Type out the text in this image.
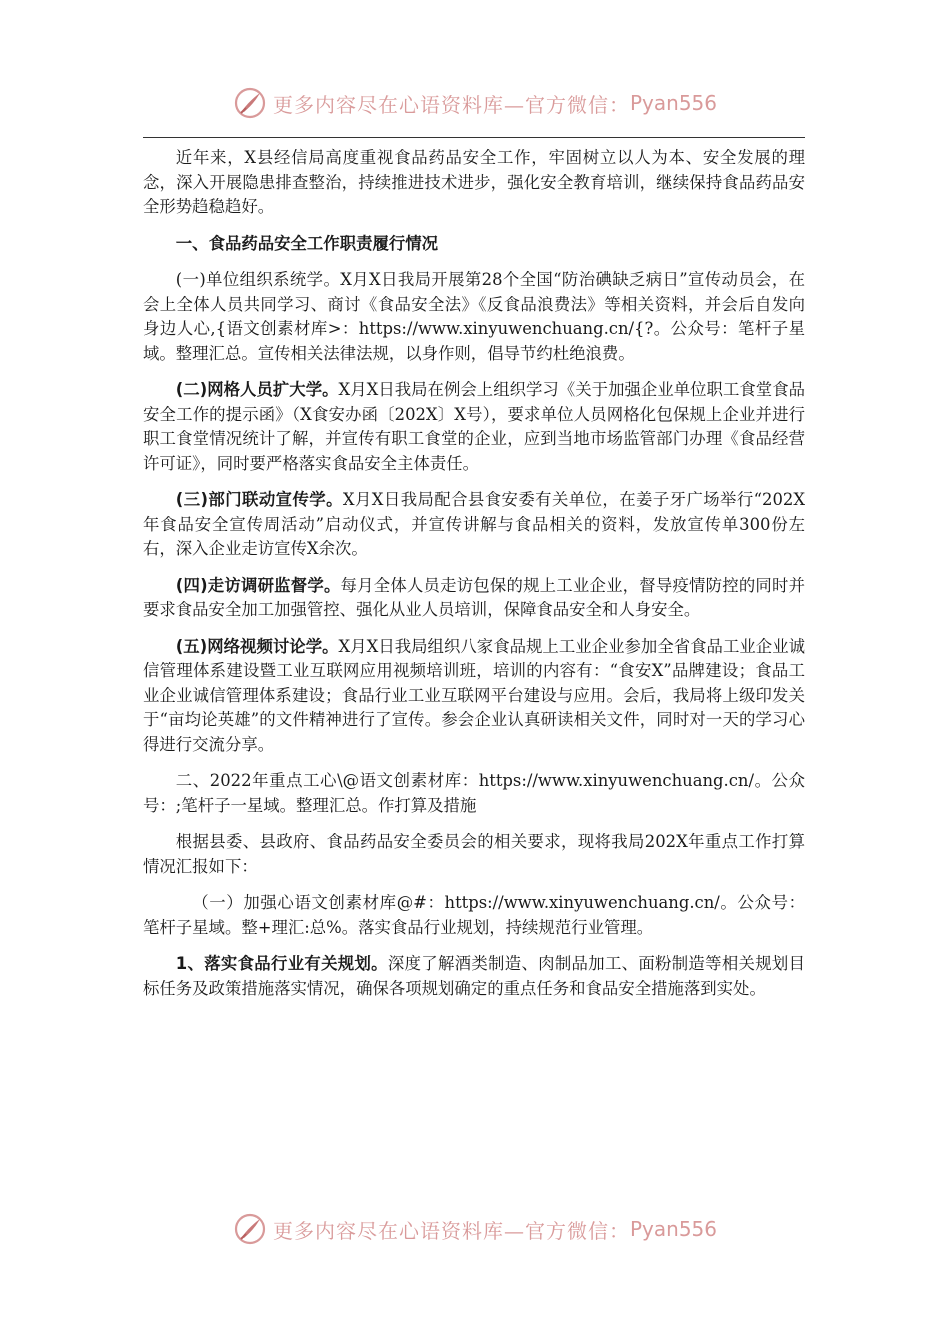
更多内容尽在心语资料库—官方微信： Pyan556

近年来，X县经信局高度重视食品药品安全工作，牢固树立以人为本、安全发展的理念，深入开展隐患排查整治，持续推进技术进步，强化安全教育培训，继续保持食品药品安全形势趋稳趋好。

一、食品药品安全工作职责履行情况

(一)单位组织系统学。X月X日我局开展第28个全国“防治碘缺乏病日”宣传动员会，在会上全体人员共同学习、商讨《食品安全法》《反食品浪费法》等相关资料，并会后自发向身边人心,{语文创素材库>：https://www.xinyuwenchuang.cn/{?。公众号：笔杆子星域。整理汇总。宣传相关法律法规，以身作则，倡导节约杜绝浪费。

(二)网格人员扩大学。X月X日我局在例会上组织学习《关于加强企业单位职工食堂食品安全工作的提示函》（X食安办函〔202X〕X号），要求单位人员网格化包保规上企业并进行职工食堂情况统计了解，并宣传有职工食堂的企业，应到当地市场监管部门办理《食品经营许可证》，同时要严格落实食品安全主体责任。

(三)部门联动宣传学。X月X日我局配合县食安委有关单位，在姜子牙广场举行“202X年食品安全宣传周活动”启动仪式，并宣传讲解与食品相关的资料，发放宣传单300份左右，深入企业走访宣传X余次。

(四)走访调研监督学。每月全体人员走访包保的规上工业企业，督导疫情防控的同时并要求食品安全加工加强管控、强化从业人员培训，保障食品安全和人身安全。

(五)网络视频讨论学。X月X日我局组织八家食品规上工业企业参加全省食品工业企业诚信管理体系建设暨工业互联网应用视频培训班，培训的内容有：“食安X”品牌建设；食品工业企业诚信管理体系建设；食品行业工业互联网平台建设与应用。会后，我局将上级印发关于“亩均论英雄”的文件精神进行了宣传。参会企业认真研读相关文件，同时对一天的学习心得进行交流分享。

二、2022年重点工心\@语文创素材库：https://www.xinyuwenchuang.cn/。公众号：;笔杆子一星域。整理汇总。作打算及措施

根据县委、县政府、食品药品安全委员会的相关要求，现将我局202X年重点工作打算情况汇报如下：

（一）加强心语文创素材库@#：https://www.xinyuwenchuang.cn/。公众号：笔杆子星域。整+理汇:总%。落实食品行业规划，持续规范行业管理。

1、落实食品行业有关规划。深度了解酒类制造、肉制品加工、面粉制造等相关规划目标任务及政策措施落实情况，确保各项规划确定的重点任务和食品安全措施落到实处。

更多内容尽在心语资料库—官方微信： Pyan556
